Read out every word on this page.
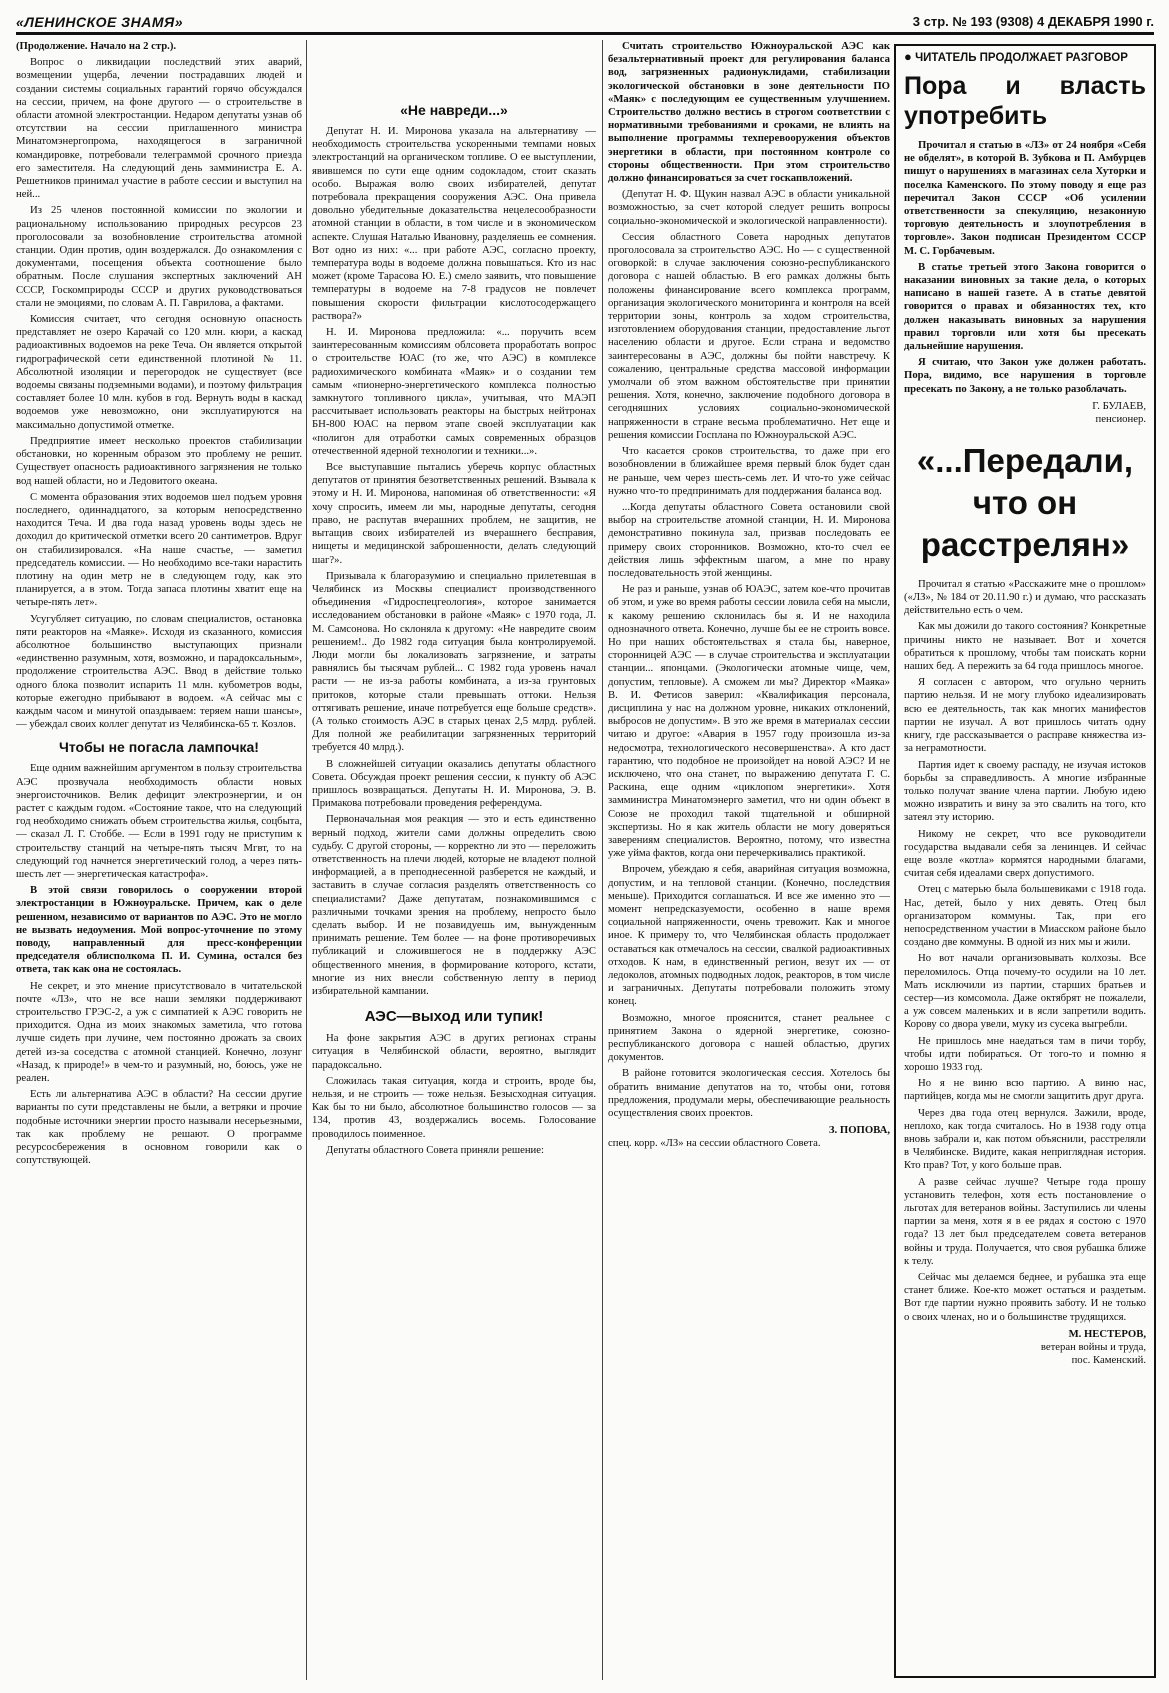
«ЛЕНИНСКОЕ ЗНАМЯ»	3 стр. № 193 (9308) 4 ДЕКАБРЯ 1990 г.

(Продолжение. Начало на 2 стр.).

Вопрос о ликвидации последствий этих аварий, возмещении ущерба, лечении пострадавших людей и создании системы социальных гарантий горячо обсуждался на сессии, причем, на фоне другого — о строительстве в области атомной электростанции. Недаром депутаты узнав об отсутствии на сессии приглашенного министра Минатомэнергопрома, находящегося в заграничной командировке, потребовали телеграммой срочного приезда его заместителя. На следующий день замминистра Е. А. Решетников принимал участие в работе сессии и выступил на ней...

Из 25 членов постоянной комиссии по экологии и рациональному использованию природных ресурсов 23 проголосовали за возобновление строительства атомной станции. Один против, один воздержался. До ознакомления с документами, посещения объекта соотношение было обратным. После слушания экспертных заключений АН СССР, Госкомприроды СССР и других руководствоваться стали не эмоциями, по словам А. П. Гаврилова, а фактами.

Комиссия считает, что сегодня основную опасность представляет не озеро Карачай со 120 млн. кюри, а каскад радиоактивных водоемов на реке Теча. Он является открытой гидрографической сети единственной плотиной № 11. Абсолютной изоляции и перегородок не существует (все водоемы связаны подземными водами), и поэтому фильтрация составляет более 10 млн. кубов в год. Вернуть воды в каскад водоемов уже невозможно, они эксплуатируются на максимально допустимой отметке.

Предприятие имеет несколько проектов стабилизации обстановки, но коренным образом это проблему не решит. Существует опасность радиоактивного загрязнения не только вод нашей области, но и Ледовитого океана.

С момента образования этих водоемов шел подъем уровня последнего, одиннадцатого, за которым непосредственно находится Теча. И два года назад уровень воды здесь не доходил до критической отметки всего 20 сантиметров. Вдруг он стабилизировался. «На наше счастье, — заметил председатель комиссии. — Но необходимо все-таки нарастить плотину на один метр не в следующем году, как это планируется, а в этом. Тогда запаса плотины хватит еще на четыре-пять лет».

Усугубляет ситуацию, по словам специалистов, остановка пяти реакторов на «Маяке». Исходя из сказанного, комиссия абсолютное большинство выступающих признали «единственно разумным, хотя, возможно, и парадоксальным», продолжение строительства АЭС. Ввод в действие только одного блока позволит испарить 11 млн. кубометров воды, которые ежегодно прибывают в водоем. «А сейчас мы с каждым часом и минутой опаздываем: теряем наши шансы», — убеждал своих коллег депутат из Челябинска-65 т. Козлов.

Чтобы не погасла лампочка!

Еще одним важнейшим аргументом в пользу строительства АЭС прозвучала необходимость области новых энергоисточников. Велик дефицит электроэнергии, и он растет с каждым годом. «Состояние такое, что на следующий год необходимо снижать объем строительства жилья, соцбыта, — сказал Л. Г. Стоббе. — Если в 1991 году не приступим к строительству станций на четыре-пять тысяч Мгвт, то на следующий год начнется энергетический голод, а через пять-шесть лет — энергетическая катастрофа».

В этой связи говорилось о сооружении второй электростанции в Южноуральске. Причем, как о деле решенном, независимо от вариантов по АЭС. Это не могло не вызвать недоумения. Мой вопрос-уточнение по этому поводу, направленный для пресс-конференции председателя облисполкома П. И. Сумина, остался без ответа, так как она не состоялась.

Не секрет, и это мнение присутствовало в читательской почте «ЛЗ», что не все наши земляки поддерживают строительство ГРЭС-2, а уж с симпатией к АЭС говорить не приходится. Одна из моих знакомых заметила, что готова лучше сидеть при лучине, чем постоянно дрожать за своих детей из-за соседства с атомной станцией. Конечно, лозунг «Назад, к природе!» в чем-то и разумный, но, боюсь, уже не реален.

Есть ли альтернатива АЭС в области? На сессии другие варианты по сути представлены не были, а ветряки и прочие подобные источники энергии просто называли несерьезными, так как проблему не решают. О программе ресурсосбережения в основном говорили как о сопутствующей.

«Не навреди...»

Депутат Н. И. Миронова указала на альтернативу — необходимость строительства ускоренными темпами новых электростанций на органическом топливе. О ее выступлении, явившемся по сути еще одним содокладом, стоит сказать особо. Выражая волю своих избирателей, депутат потребовала прекращения сооружения АЭС. Она привела довольно убедительные доказательства нецелесообразности атомной станции в области, в том числе и в экономическом аспекте. Слушая Наталью Ивановну, разделяешь ее сомнения. Вот одно из них: «... при работе АЭС, согласно проекту, температура воды в водоеме должна повышаться. Кто из нас может (кроме Тарасова Ю. Е.) смело заявить, что повышение температуры в водоеме на 7-8 градусов не повлечет повышения скорости фильтрации кислотосодержащего раствора?»

Н. И. Миронова предложила: «... поручить всем заинтересованным комиссиям облсовета проработать вопрос о строительстве ЮАС (то же, что АЭС) в комплексе радиохимического комбината «Маяк» и о создании тем самым «пионерно-энергетического комплекса полностью замкнутого топливного цикла», учитывая, что МАЭП рассчитывает использовать реакторы на быстрых нейтронах БН-800 ЮАС на первом этапе своей эксплуатации как «полигон для отработки самых современных образцов отечественной ядерной технологии и техники...».

Все выступавшие пытались уберечь корпус областных депутатов от принятия безответственных решений. Взывала к этому и Н. И. Миронова, напоминая об ответственности: «Я хочу спросить, имеем ли мы, народные депутаты, сегодня право, не распутав вчерашних проблем, не защитив, не вытащив своих избирателей из вчерашнего бесправия, нищеты и медицинской заброшенности, делать следующий шаг?».

Призывала к благоразумию и специально прилетевшая в Челябинск из Москвы специалист производственного объединения «Гидроспецгеология», которое занимается исследованием обстановки в районе «Маяк» с 1970 года, Л. М. Самсонова. Но склоняла к другому: «Не навредите своим решением!.. До 1982 года ситуация была контролируемой. Люди могли бы локализовать загрязнение, и затраты равнялись бы тысячам рублей... С 1982 года уровень начал расти — не из-за работы комбината, а из-за грунтовых притоков, которые стали превышать оттоки. Нельзя оттягивать решение, иначе потребуется еще больше средств». (А только стоимость АЭС в старых ценах 2,5 млрд. рублей. Для полной же реабилитации загрязненных территорий требуется 40 млрд.).

В сложнейшей ситуации оказались депутаты областного Совета. Обсуждая проект решения сессии, к пункту об АЭС пришлось возвращаться. Депутаты Н. И. Миронова, Э. В. Примакова потребовали проведения референдума.

Первоначальная моя реакция — это и есть единственно верный подход, жители сами должны определить свою судьбу. С другой стороны, — корректно ли это — переложить ответственность на плечи людей, которые не владеют полной информацией, а в преподнесенной разберется не каждый, и заставить в случае согласия разделять ответственность со специалистами? Даже депутатам, познакомившимся с различными точками зрения на проблему, непросто было сделать выбор. И не позавидуешь им, вынужденным принимать решение. Тем более — на фоне противоречивых публикаций и сложившегося не в поддержку АЭС общественного мнения, в формирование которого, кстати, многие из них внесли собственную лепту в период избирательной кампании.

АЭС—выход или тупик!

На фоне закрытия АЭС в других регионах страны ситуация в Челябинской области, вероятно, выглядит парадоксально.

Сложилась такая ситуация, когда и строить, вроде бы, нельзя, и не строить — тоже нельзя. Безысходная ситуация. Как бы то ни было, абсолютное большинство голосов — за 134, против 43, воздержались восемь. Голосование проводилось поименное.

Депутаты областного Совета приняли решение:

Считать строительство Южноуральской АЭС как безальтернативный проект для регулирования баланса вод, загрязненных радионуклидами, стабилизации экологической обстановки в зоне деятельности ПО «Маяк» с последующим ее существенным улучшением. Строительство должно вестись в строгом соответствии с нормативными требованиями и сроками, не влиять на выполнение программы техперевооружения объектов энергетики в области, при постоянном контроле со стороны общественности. При этом строительство должно финансироваться за счет госкапвложений.

(Депутат Н. Ф. Щукин назвал АЭС в области уникальной возможностью, за счет которой следует решить вопросы социально-экономической и экологической направленности).

Сессия областного Совета народных депутатов проголосовала за строительство АЭС. Но — с существенной оговоркой: в случае заключения союзно-республиканского договора с нашей областью. В его рамках должны быть положены финансирование всего комплекса программ, организация экологического мониторинга и контроля на всей территории зоны, контроль за ходом строительства, изготовлением оборудования станции, предоставление льгот населению области и другое. Если страна и ведомство заинтересованы в АЭС, должны бы пойти навстречу. К сожалению, центральные средства массовой информации умолчали об этом важном обстоятельстве при принятии решения. Хотя, конечно, заключение подобного договора в сегодняшних условиях социально-экономической напряженности в стране весьма проблематично. Нет еще и решения комиссии Госплана по Южноуральской АЭС.

Что касается сроков строительства, то даже при его возобновлении в ближайшее время первый блок будет сдан не раньше, чем через шесть-семь лет. И что-то уже сейчас нужно что-то предпринимать для поддержания баланса вод.

...Когда депутаты областного Совета остановили свой выбор на строительстве атомной станции, Н. И. Миронова демонстративно покинула зал, призвав последовать ее примеру своих сторонников. Возможно, кто-то счел ее действия лишь эффектным шагом, а мне по нраву последовательность этой женщины.

Не раз и раньше, узнав об ЮАЭС, затем кое-что прочитав об этом, и уже во время работы сессии ловила себя на мысли, к какому решению склонилась бы я. И не находила однозначного ответа. Конечно, лучше бы ее не строить вовсе. Но при наших обстоятельствах я стала бы, наверное, сторонницей АЭС — в случае строительства и эксплуатации станции... японцами. (Экологически атомные чище, чем, допустим, тепловые). А сможем ли мы? Директор «Маяка» В. И. Фетисов заверил: «Квалификация персонала, дисциплина у нас на должном уровне, никаких отклонений, выбросов не допустим». В это же время в материалах сессии читаю и другое: «Авария в 1957 году произошла из-за недосмотра, технологического несовершенства». А кто даст гарантию, что подобное не произойдет на новой АЭС? И не исключено, что она станет, по выражению депутата Г. С. Раскина, еще одним «циклопом энергетики». Хотя замминистра Минатомэнерго заметил, что ни один объект в Союзе не проходил такой тщательной и обширной экспертизы. Но я как житель области не могу доверяться заверениям специалистов. Вероятно, потому, что известна уже уйма фактов, когда они перечеркивались практикой.

Впрочем, убеждаю я себя, аварийная ситуация возможна, допустим, и на тепловой станции. (Конечно, последствия меньше). Приходится соглашаться. И все же именно это — момент непредсказуемости, особенно в наше время социальной напряженности, очень тревожит. Как и многое иное. К примеру то, что Челябинская область продолжает оставаться как отмечалось на сессии, свалкой радиоактивных отходов. К нам, в единственный регион, везут их — от ледоколов, атомных подводных лодок, реакторов, в том числе и заграничных. Депутаты потребовали положить этому конец.

Возможно, многое прояснится, станет реальнее с принятием Закона о ядерной энергетике, союзно-республиканского договора с нашей областью, других документов.

В районе готовится экологическая сессия. Хотелось бы обратить внимание депутатов на то, чтобы они, готовя предложения, продумали меры, обеспечивающие реальность осуществления своих проектов.

З. ПОПОВА,
спец. корр. «ЛЗ» на сессии областного Совета.
● ЧИТАТЕЛЬ ПРОДОЛЖАЕТ РАЗГОВОР
Пора и власть употребить

Прочитал я статью в «ЛЗ» от 24 ноября «Себя не обделят», в которой В. Зубкова и П. Амбурцев пишут о нарушениях в магазинах села Хуторки и поселка Каменского. По этому поводу я еще раз перечитал Закон СССР «Об усилении ответственности за спекуляцию, незаконную торговую деятельность и злоупотребления в торговле». Закон подписан Президентом СССР М. С. Горбачевым.

В статье третьей этого Закона говорится о наказании виновных за такие дела, о которых написано в нашей газете. А в статье девятой говорится о правах и обязанностях тех, кто должен наказывать виновных за нарушения правил торговли или хотя бы пресекать дальнейшие нарушения.

Я считаю, что Закон уже должен работать. Пора, видимо, все нарушения в торговле пресекать по Закону, а не только разоблачать.

Г. БУЛАЕВ,
пенсионер.
«...Передали, что он расстрелян»

Прочитал я статью «Расскажите мне о прошлом» («ЛЗ», № 184 от 20.11.90 г.) и думаю, что рассказать действительно есть о чем.

Как мы дожили до такого состояния? Конкретные причины никто не называет. Вот и хочется обратиться к прошлому, чтобы там поискать корни наших бед. А пережить за 64 года пришлось многое.

Я согласен с автором, что огульно чернить партию нельзя. И не могу глубоко идеализировать всю ее деятельность, так как многих манифестов партии не изучал. А вот пришлось читать одну книгу, где рассказывается о расправе княжества из-за неграмотности.

Партия идет к своему распаду, не изучая истоков борьбы за справедливость. А многие избранные только получат звание члена партии. Любую идею можно извратить и вину за это свалить на того, кто затеял эту историю.

Никому не секрет, что все руководители государства выдавали себя за ленинцев. И сейчас еще возле «котла» кормятся народными благами, считая себя идеалами сверх допустимого.

Отец с матерью была большевиками с 1918 года. Нас, детей, было у них девять. Отец был организатором коммуны. Так, при его непосредственном участии в Миасском районе было создано две коммуны. В одной из них мы и жили.

Но вот начали организовывать колхозы. Все переломилось. Отца почему-то осудили на 10 лет. Мать исключили из партии, старших братьев и сестер—из комсомола. Даже октябрят не пожалели, а уж совсем маленьких и в ясли запретили водить. Корову со двора увели, муку из сусека выгребли.

Не пришлось мне наедаться там в пичи торбу, чтобы идти побираться. От того-то и помню я хорошо 1933 год.

Но я не виню всю партию. А виню нас, партийцев, когда мы не смогли защитить друг друга.

Через два года отец вернулся. Зажили, вроде, неплохо, как тогда считалось. Но в 1938 году отца вновь забрали и, как потом объяснили, расстреляли в Челябинске. Видите, какая неприглядная история. Кто прав? Тот, у кого больше прав.

А разве сейчас лучше? Четыре года прошу установить телефон, хотя есть постановление о льготах для ветеранов войны. Заступились ли члены партии за меня, хотя я в ее рядах я состою с 1970 года? 13 лет был председателем совета ветеранов войны и труда. Получается, что своя рубашка ближе к телу.

Сейчас мы делаемся беднее, и рубашка эта еще станет ближе. Кое-кто может остаться и раздетым. Вот где партии нужно проявить заботу. И не только о своих членах, но и о большинстве трудящихся.

М. НЕСТЕРОВ,
ветеран войны и труда,
пос. Каменский.
